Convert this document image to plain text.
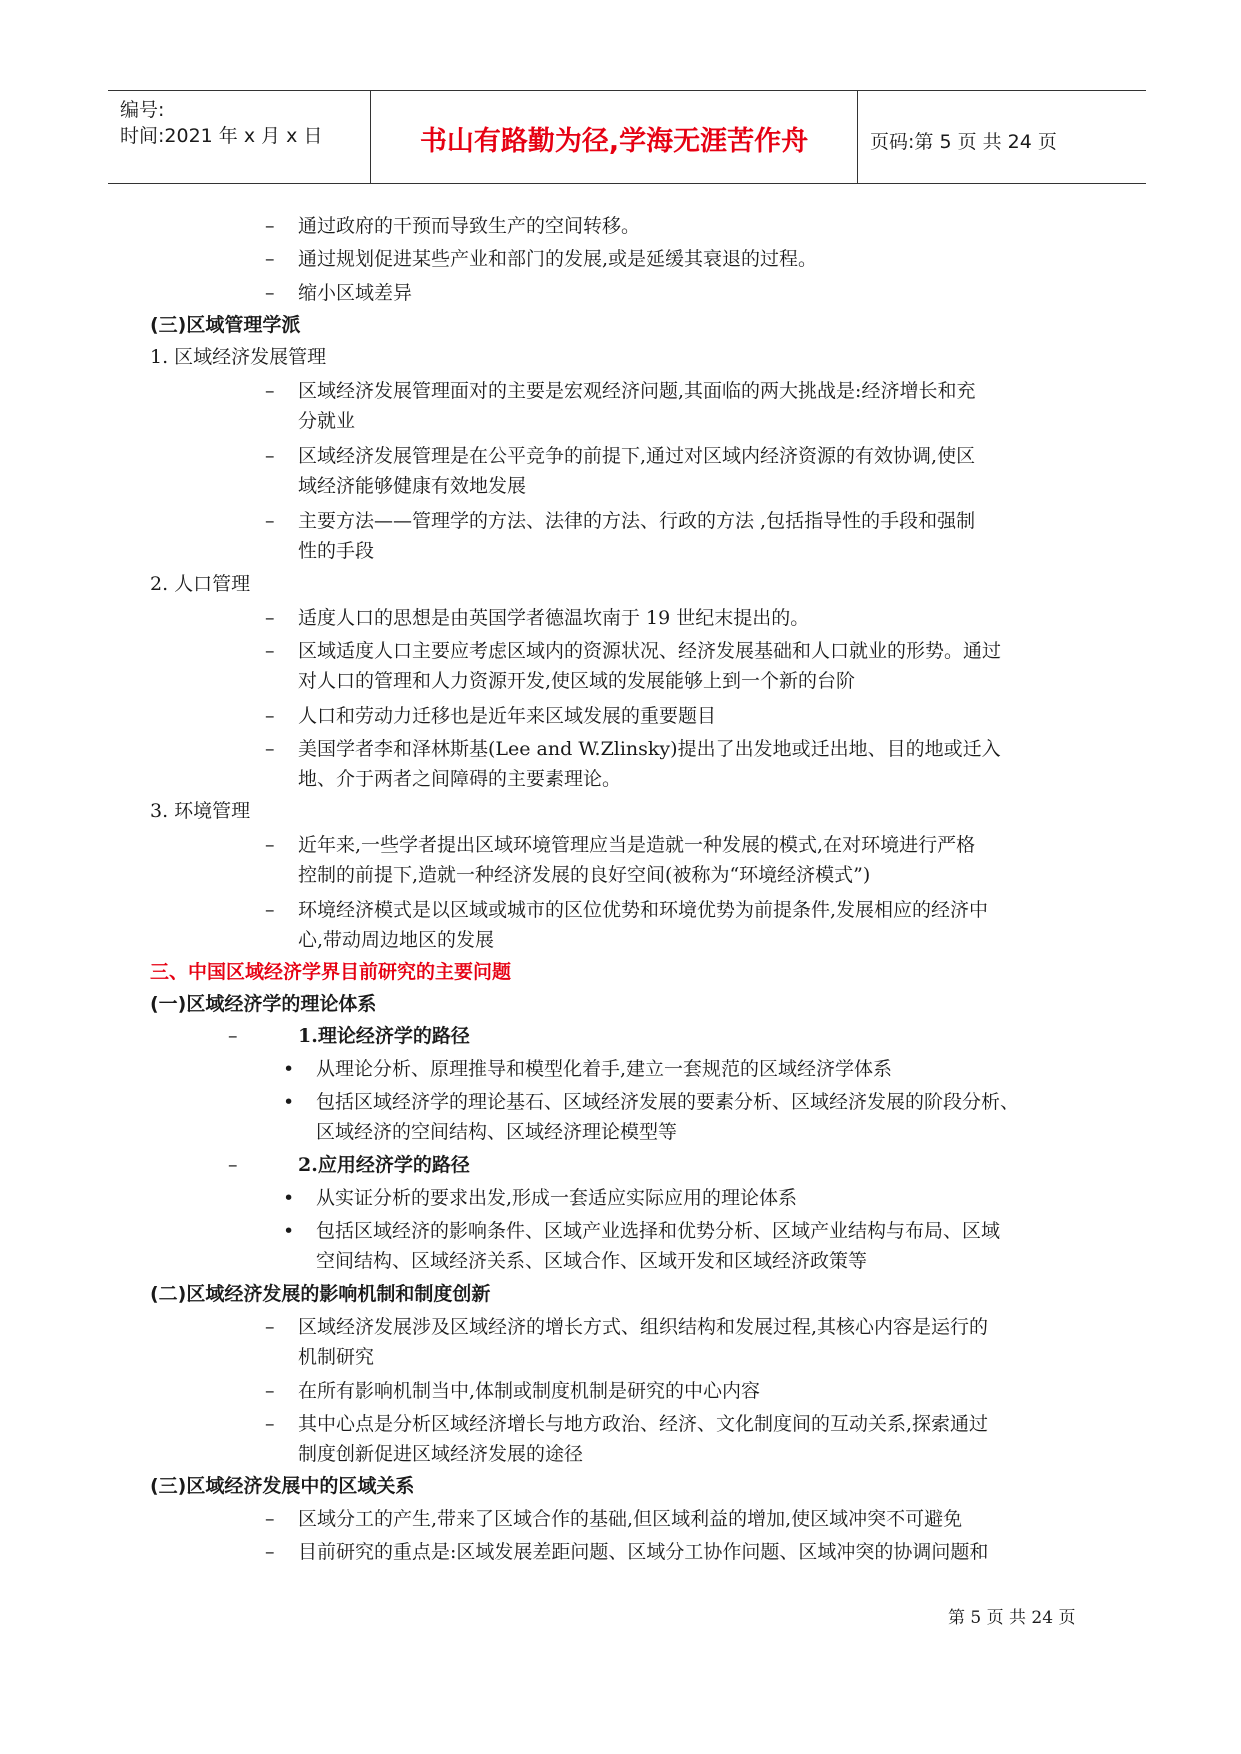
编号:
时间:2021 年 x 月 x 日	书山有路勤为径,学海无涯苦作舟	页码:第 5 页 共 24 页
– 通过政府的干预而导致生产的空间转移。
– 通过规划促进某些产业和部门的发展,或是延缓其衰退的过程。
– 缩小区域差异
(三)区域管理学派
1. 区域经济发展管理
– 区域经济发展管理面对的主要是宏观经济问题,其面临的两大挑战是:经济增长和充
分就业
– 区域经济发展管理是在公平竞争的前提下,通过对区域内经济资源的有效协调,使区
域经济能够健康有效地发展
– 主要方法——管理学的方法、法律的方法、行政的方法 ,包括指导性的手段和强制
性的手段
2. 人口管理
– 适度人口的思想是由英国学者德温坎南于 19 世纪末提出的。
– 区域适度人口主要应考虑区域内的资源状况、经济发展基础和人口就业的形势。通过
对人口的管理和人力资源开发,使区域的发展能够上到一个新的台阶
– 人口和劳动力迁移也是近年来区域发展的重要题目
– 美国学者李和泽林斯基(Lee and W.Zlinsky)提出了出发地或迁出地、目的地或迁入
地、介于两者之间障碍的主要素理论。
3. 环境管理
– 近年来,一些学者提出区域环境管理应当是造就一种发展的模式,在对环境进行严格
控制的前提下,造就一种经济发展的良好空间(被称为“环境经济模式”)
– 环境经济模式是以区域或城市的区位优势和环境优势为前提条件,发展相应的经济中
心,带动周边地区的发展
三、中国区域经济学界目前研究的主要问题
(一)区域经济学的理论体系
–	1.理论经济学的路径
• 从理论分析、原理推导和模型化着手,建立一套规范的区域经济学体系
• 包括区域经济学的理论基石、区域经济发展的要素分析、区域经济发展的阶段分析、
区域经济的空间结构、区域经济理论模型等
–	2.应用经济学的路径
• 从实证分析的要求出发,形成一套适应实际应用的理论体系
• 包括区域经济的影响条件、区域产业选择和优势分析、区域产业结构与布局、区域
空间结构、区域经济关系、区域合作、区域开发和区域经济政策等
(二)区域经济发展的影响机制和制度创新
– 区域经济发展涉及区域经济的增长方式、组织结构和发展过程,其核心内容是运行的
机制研究
– 在所有影响机制当中,体制或制度机制是研究的中心内容
– 其中心点是分析区域经济增长与地方政治、经济、文化制度间的互动关系,探索通过
制度创新促进区域经济发展的途径
(三)区域经济发展中的区域关系
– 区域分工的产生,带来了区域合作的基础,但区域利益的增加,使区域冲突不可避免
– 目前研究的重点是:区域发展差距问题、区域分工协作问题、区域冲突的协调问题和
第 5 页 共 24 页
